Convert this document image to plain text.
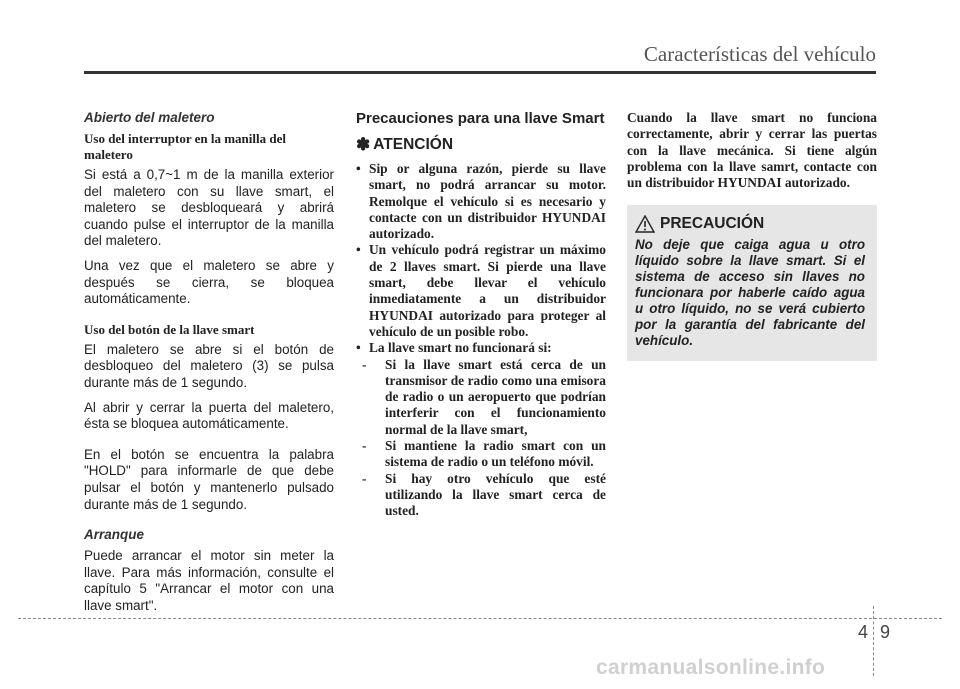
Características del vehículo

Abierto del maletero

Uso del interruptor en la manilla del maletero

Si está a 0,7~1 m de la manilla exterior del maletero con su llave smart, el maletero se desbloqueará y abrirá cuando pulse el interruptor de la manilla del maletero.

Una vez que el maletero se abre y después se cierra, se bloquea automáticamente.

Uso del botón de la llave smart

El maletero se abre si el botón de desbloqueo del maletero (3) se pulsa durante más de 1 segundo.

Al abrir y cerrar la puerta del maletero, ésta se bloquea automáticamente.

En el botón se encuentra la palabra "HOLD" para informarle de que debe pulsar el botón y mantenerlo pulsado durante más de 1 segundo.

Arranque

Puede arrancar el motor sin meter la llave. Para más información, consulte el capítulo 5 "Arrancar el motor con una llave smart".

Precauciones para una llave Smart

✽ ATENCIÓN

• Sip or alguna razón, pierde su llave smart, no podrá arrancar su motor. Remolque el vehículo si es necesario y contacte con un distribuidor HYUNDAI autorizado.

• Un vehículo podrá registrar un máximo de 2 llaves smart. Si pierde una llave smart, debe llevar el vehículo inmediatamente a un distribuidor HYUNDAI autorizado para proteger al vehículo de un posible robo.

• La llave smart no funcionará si:

- Si la llave smart está cerca de un transmisor de radio como una emisora de radio o un aeropuerto que podrían interferir con el funcionamiento normal de la llave smart,

- Si mantiene la radio smart con un sistema de radio o un teléfono móvil.

- Si hay otro vehículo que esté utilizando la llave smart cerca de usted.

Cuando la llave smart no funciona correctamente, abrir y cerrar las puertas con la llave mecánica. Si tiene algún problema con la llave samrt, contacte con un distribuidor HYUNDAI autorizado.

PRECAUCIÓN

No deje que caiga agua u otro líquido sobre la llave smart. Si el sistema de acceso sin llaves no funcionara por haberle caído agua u otro líquido, no se verá cubierto por la garantía del fabricante del vehículo.

4 9
carmanualsonline.info
